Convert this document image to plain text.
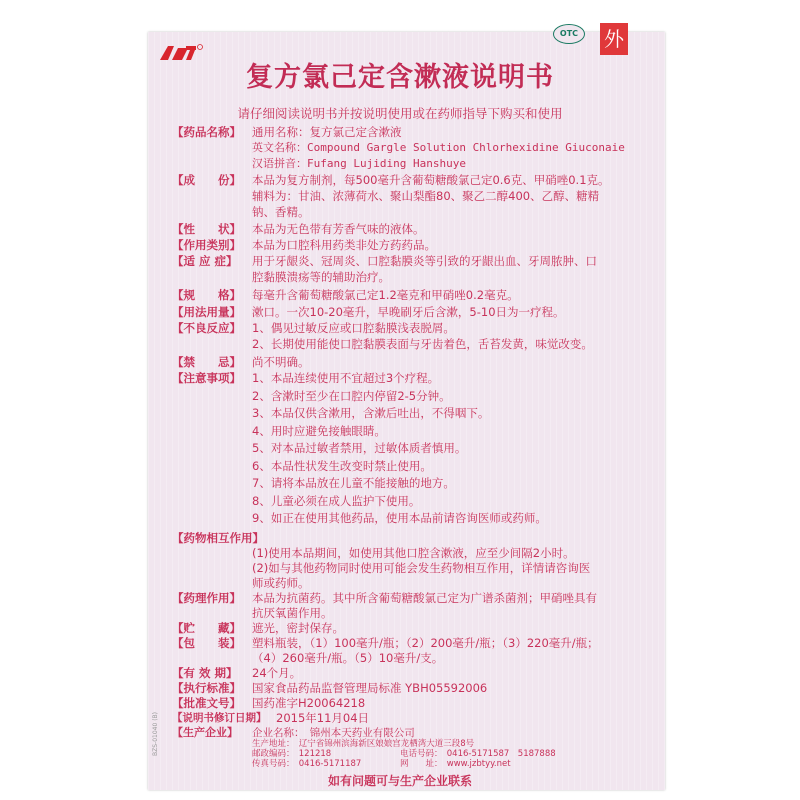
OTC	外
复方氯己定含漱液说明书
请仔细阅读说明书并按说明使用或在药师指导下购买和使用
【药品名称】 通用名称：复方氯己定含漱液
英文名称：Compound Gargle Solution Chlorhexidine Giuconaie
汉语拼音：Fufang Lujiding Hanshuye
【成　　份】 本品为复方制剂，每500毫升含葡萄糖酸氯己定0.6克、甲硝唑0.1克。
辅料为：甘油、浓薄荷水、聚山梨酯80、聚乙二醇400、乙醇、糖精
钠、香精。
【性　　状】 本品为无色带有芳香气味的液体。
【作用类别】 本品为口腔科用药类非处方药药品。
【适 应 症】	用于牙龈炎、冠周炎、口腔黏膜炎等引致的牙龈出血、牙周脓肿、口
腔黏膜溃疡等的辅助治疗。
【规　　格】 每毫升含葡萄糖酸氯己定1.2毫克和甲硝唑0.2毫克。
【用法用量】 漱口。一次10-20毫升，早晚刷牙后含漱，5-10日为一疗程。
【不良反应】 1、偶见过敏反应或口腔黏膜浅表脱屑。
2、长期使用能使口腔黏膜表面与牙齿着色，舌苔发黄，味觉改变。
【禁　　忌】 尚不明确。
【注意事项】 1、本品连续使用不宜超过3个疗程。
2、含漱时至少在口腔内停留2-5分钟。
3、本品仅供含漱用，含漱后吐出，不得咽下。
4、用时应避免接触眼睛。
5、对本品过敏者禁用，过敏体质者慎用。
6、本品性状发生改变时禁止使用。
7、请将本品放在儿童不能接触的地方。
8、儿童必须在成人监护下使用。
9、如正在使用其他药品，使用本品前请咨询医师或药师。
【药物相互作用】
(1)使用本品期间，如使用其他口腔含漱液，应至少间隔2小时。
(2)如与其他药物同时使用可能会发生药物相互作用，详情请咨询医
师或药师。
【药理作用】 本品为抗菌药。其中所含葡萄糖酸氯己定为广谱杀菌剂；甲硝唑具有
抗厌氧菌作用。
【贮　　藏】 遮光，密封保存。
【包　　装】 塑料瓶装，（1）100毫升/瓶；（2）200毫升/瓶；（3）220毫升/瓶；
（4）260毫升/瓶。（5）10毫升/支。
【有 效 期】	24个月。
【执行标准】 国家食品药品监督管理局标准 YBH05592006
【批准文号】 国药准字H20064218
【说明书修订日期】 2015年11月04日
【生产企业】	企业名称：　锦州本天药业有限公司
如有问题可与生产企业联系
BZS-01040 (B)	生产地址：　辽宁省锦州滨海新区娘娘宫龙栖湾大道三段8号
邮政编码：　121218	电话号码：　0416-5171587　5187888
传真号码：　0416-5171187	网　　址：　www.jzbtyy.net
